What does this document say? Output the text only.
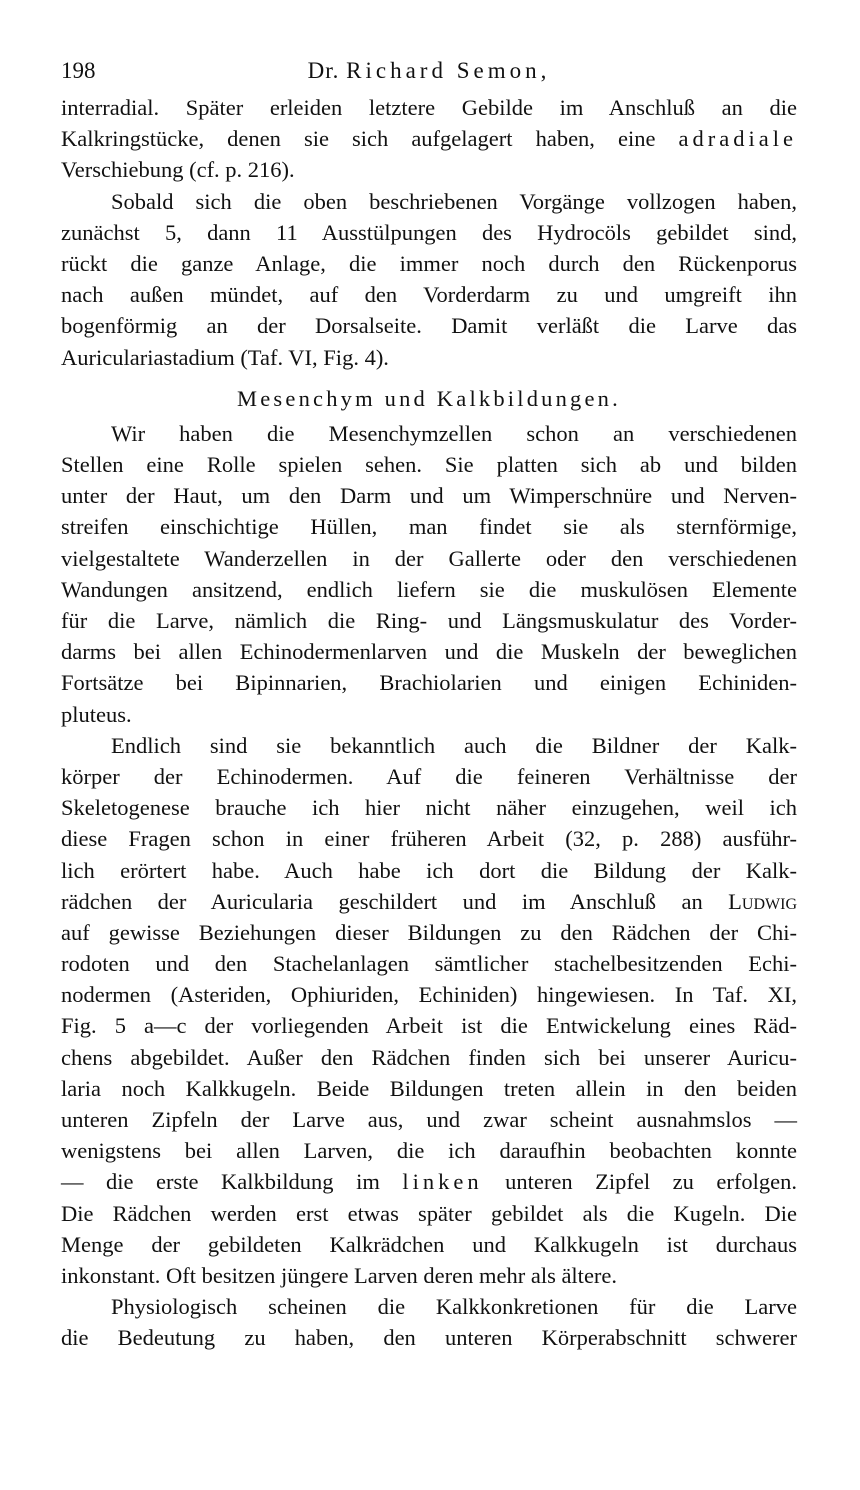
198	Dr. Richard Semon,
interradial. Später erleiden letztere Gebilde im Anschluß an die
Kalkringstücke, denen sie sich aufgelagert haben, eine adradiale
Verschiebung (cf. p. 216).
Sobald sich die oben beschriebenen Vorgänge vollzogen haben,
zunächst 5, dann 11 Ausstülpungen des Hydrocöls gebildet sind,
rückt die ganze Anlage, die immer noch durch den Rückenporus
nach außen mündet, auf den Vorderdarm zu und umgreift ihn
bogenförmig an der Dorsalseite. Damit verläßt die Larve das
Auriculariastadium (Taf. VI, Fig. 4).
Mesenchym und Kalkbildungen.
Wir haben die Mesenchymzellen schon an verschiedenen
Stellen eine Rolle spielen sehen. Sie platten sich ab und bilden
unter der Haut, um den Darm und um Wimperschnüre und Nerven-
streifen einschichtige Hüllen, man findet sie als sternförmige,
vielgestaltete Wanderzellen in der Gallerte oder den verschiedenen
Wandungen ansitzend, endlich liefern sie die muskulösen Elemente
für die Larve, nämlich die Ring- und Längsmuskulatur des Vorder-
darms bei allen Echinodermenlarven und die Muskeln der beweglichen
Fortsätze bei Bipinnarien, Brachiolarien und einigen Echiniden-
pluteus.
Endlich sind sie bekanntlich auch die Bildner der Kalk-
körper der Echinodermen. Auf die feineren Verhältnisse der
Skeletogenese brauche ich hier nicht näher einzugehen, weil ich
diese Fragen schon in einer früheren Arbeit (32, p. 288) ausführ-
lich erörtert habe. Auch habe ich dort die Bildung der Kalk-
rädchen der Auricularia geschildert und im Anschluß an Ludwig
auf gewisse Beziehungen dieser Bildungen zu den Rädchen der Chi-
rodoten und den Stachelanlagen sämtlicher stachelbesitzenden Echi-
nodermen (Asteriden, Ophiuriden, Echiniden) hingewiesen. In Taf. XI,
Fig. 5 a—c der vorliegenden Arbeit ist die Entwickelung eines Räd-
chens abgebildet. Außer den Rädchen finden sich bei unserer Auricu-
laria noch Kalkkugeln. Beide Bildungen treten allein in den beiden
unteren Zipfeln der Larve aus, und zwar scheint ausnahmslos —
wenigstens bei allen Larven, die ich daraufhin beobachten konnte
— die erste Kalkbildung im linken unteren Zipfel zu erfolgen.
Die Rädchen werden erst etwas später gebildet als die Kugeln. Die
Menge der gebildeten Kalkrädchen und Kalkkugeln ist durchaus
inkonstant. Oft besitzen jüngere Larven deren mehr als ältere.
Physiologisch scheinen die Kalkkonkretionen für die Larve
die Bedeutung zu haben, den unteren Körperabschnitt schwerer
